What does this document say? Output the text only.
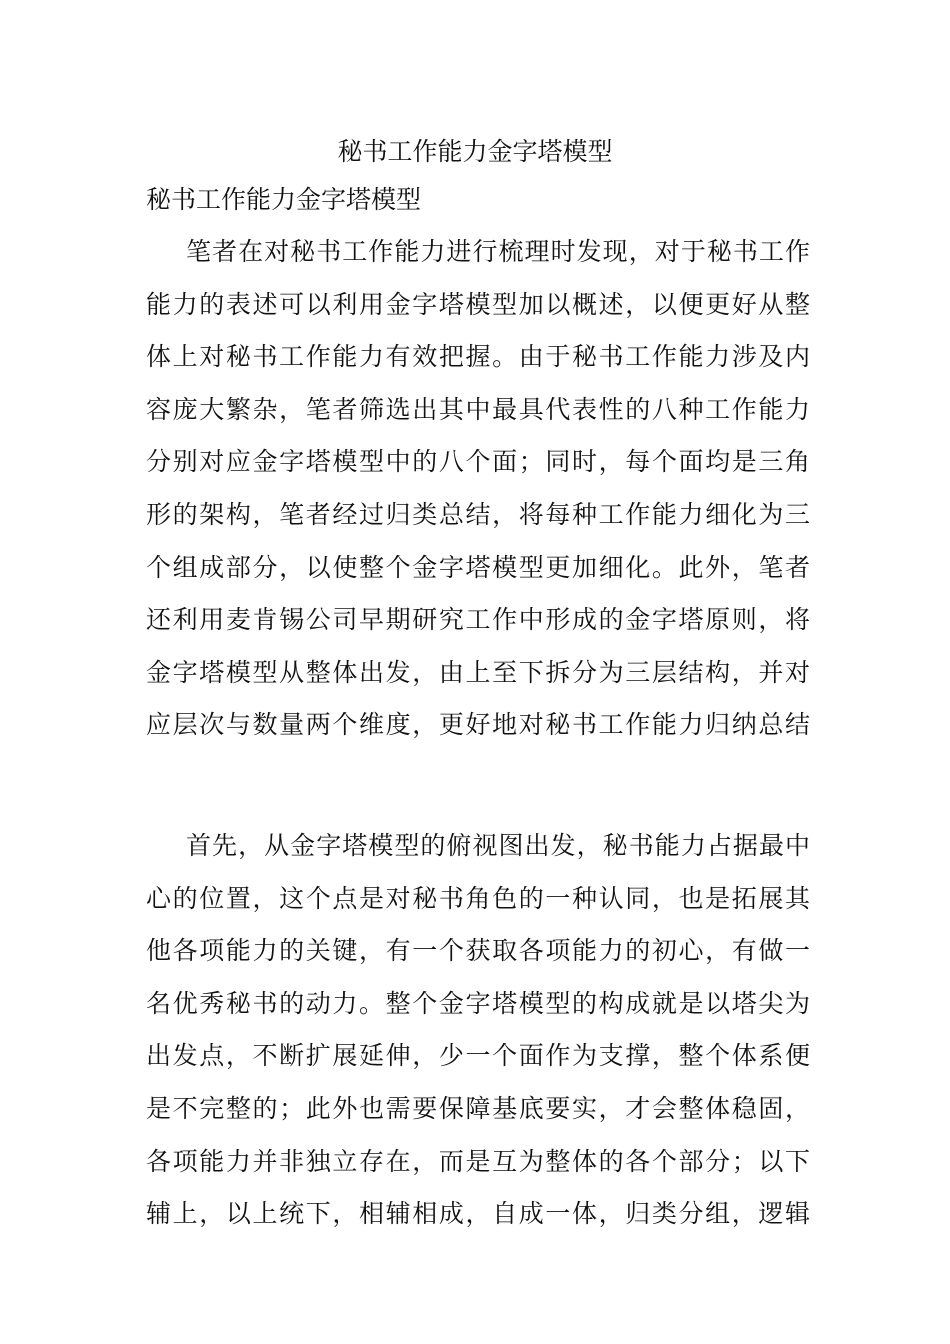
秘书工作能力金字塔模型
秘书工作能力金字塔模型
笔者在对秘书工作能力进行梳理时发现，对于秘书工作
能力的表述可以利用金字塔模型加以概述，以便更好从整
体上对秘书工作能力有效把握。由于秘书工作能力涉及内
容庞大繁杂，笔者筛选出其中最具代表性的八种工作能力
分别对应金字塔模型中的八个面；同时，每个面均是三角
形的架构，笔者经过归类总结，将每种工作能力细化为三
个组成部分，以使整个金字塔模型更加细化。此外，笔者
还利用麦肯锡公司早期研究工作中形成的金字塔原则，将
金字塔模型从整体出发，由上至下拆分为三层结构，并对
应层次与数量两个维度，更好地对秘书工作能力归纳总结
首先，从金字塔模型的俯视图出发，秘书能力占据最中
心的位置，这个点是对秘书角色的一种认同，也是拓展其
他各项能力的关键，有一个获取各项能力的初心，有做一
名优秀秘书的动力。整个金字塔模型的构成就是以塔尖为
出发点，不断扩展延伸，少一个面作为支撑，整个体系便
是不完整的；此外也需要保障基底要实，才会整体稳固，
各项能力并非独立存在，而是互为整体的各个部分；以下
辅上，以上统下，相辅相成，自成一体，归类分组，逻辑
